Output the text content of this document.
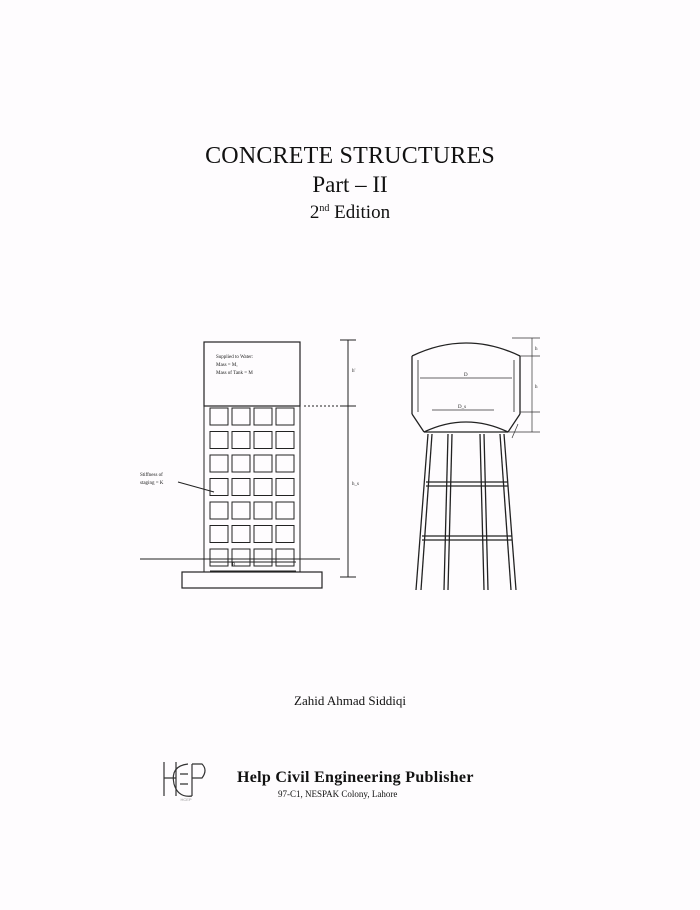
CONCRETE STRUCTURES
Part – II
2nd Edition
Supplied to Water:
Mass = M,
Mass of Tank = M
Stiffness of
staging = K
h'
h_s
B
D
D_s
h
h
Zahid Ahmad Siddiqi
HCEP
Help Civil Engineering Publisher
97-C1, NESPAK Colony, Lahore
